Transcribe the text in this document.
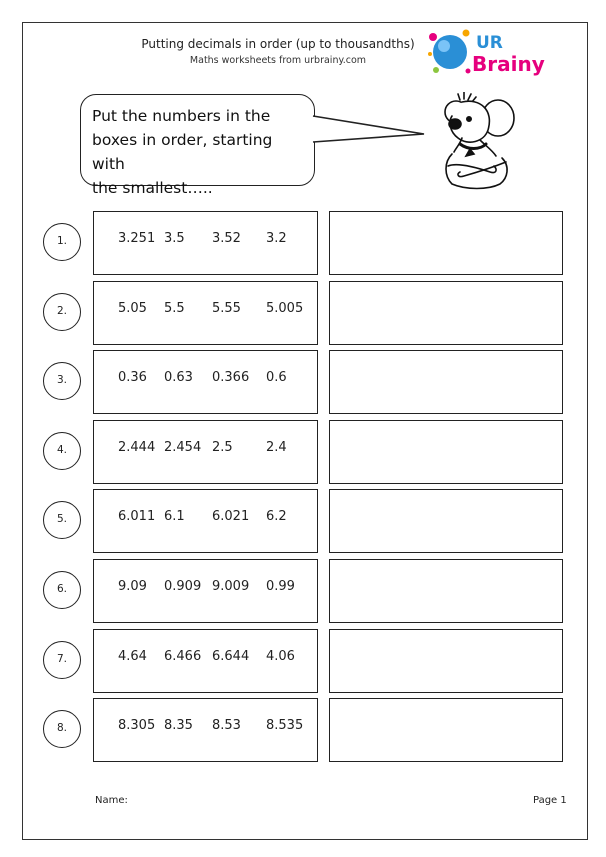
Putting decimals in order (up to thousandths)
Maths worksheets from urbrainy.com
UR
Brainy
Put the numbers in the
boxes in order, starting with
the smallest…..
1.	3.251 3.5 3.52 3.2
2.	5.05 5.5 5.55 5.005
3.	0.36 0.63 0.366 0.6
4.	2.444 2.454 2.5	2.4
5.	6.011 6.1 6.021 6.2
6.	9.09 0.909 9.009 0.99
7.	4.64 6.466 6.644 4.06
8.	8.305 8.35 8.53 8.535
Name:	Page 1
